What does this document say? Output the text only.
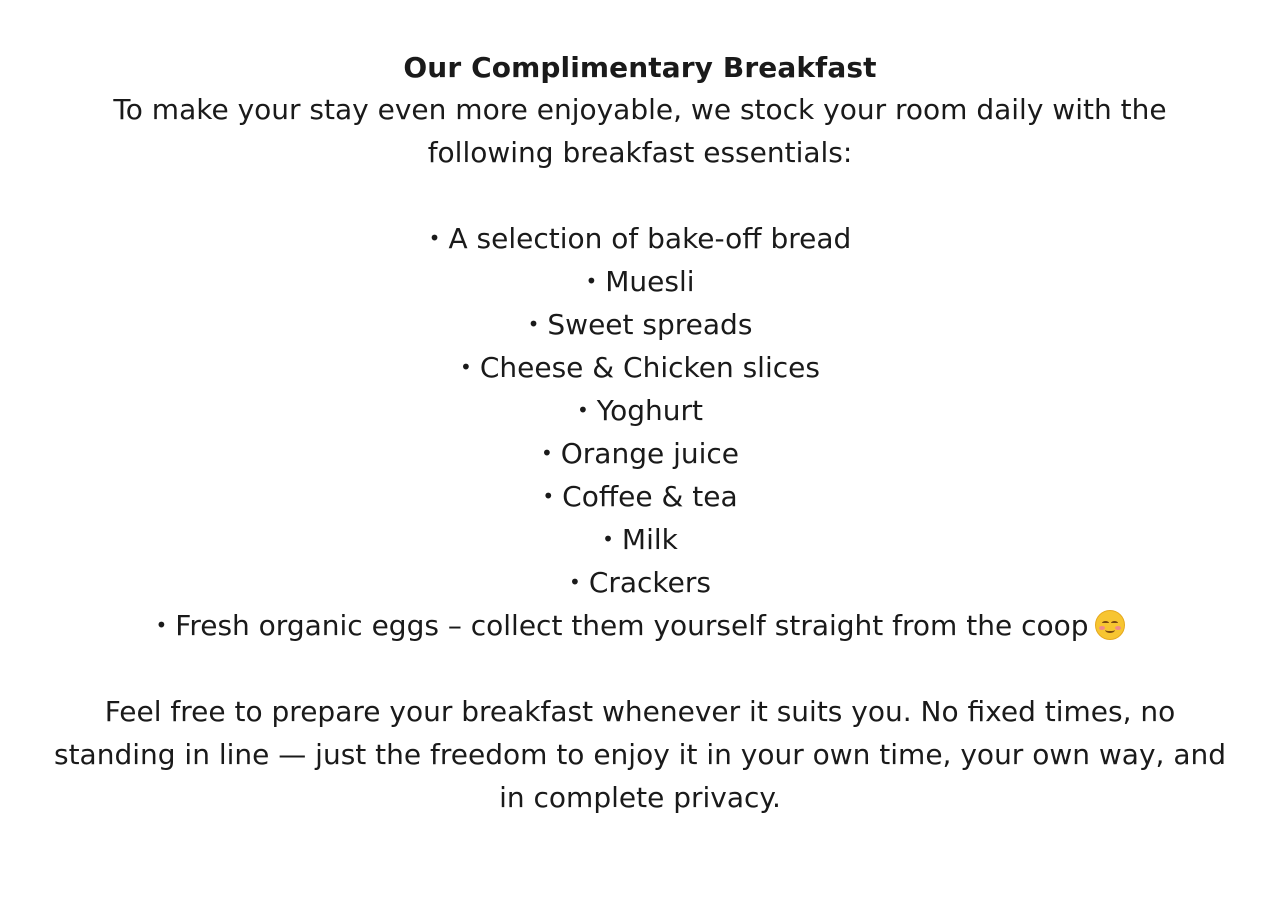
Our Complimentary Breakfast

To make your stay even more enjoyable, we stock your room daily with the following breakfast essentials:

• A selection of bake-off bread
• Muesli
• Sweet spreads
• Cheese & Chicken slices
• Yoghurt
• Orange juice
• Coffee & tea
• Milk
• Crackers
• Fresh organic eggs – collect them yourself straight from the coop

Feel free to prepare your breakfast whenever it suits you. No fixed times, no standing in line — just the freedom to enjoy it in your own time, your own way, and in complete privacy.
